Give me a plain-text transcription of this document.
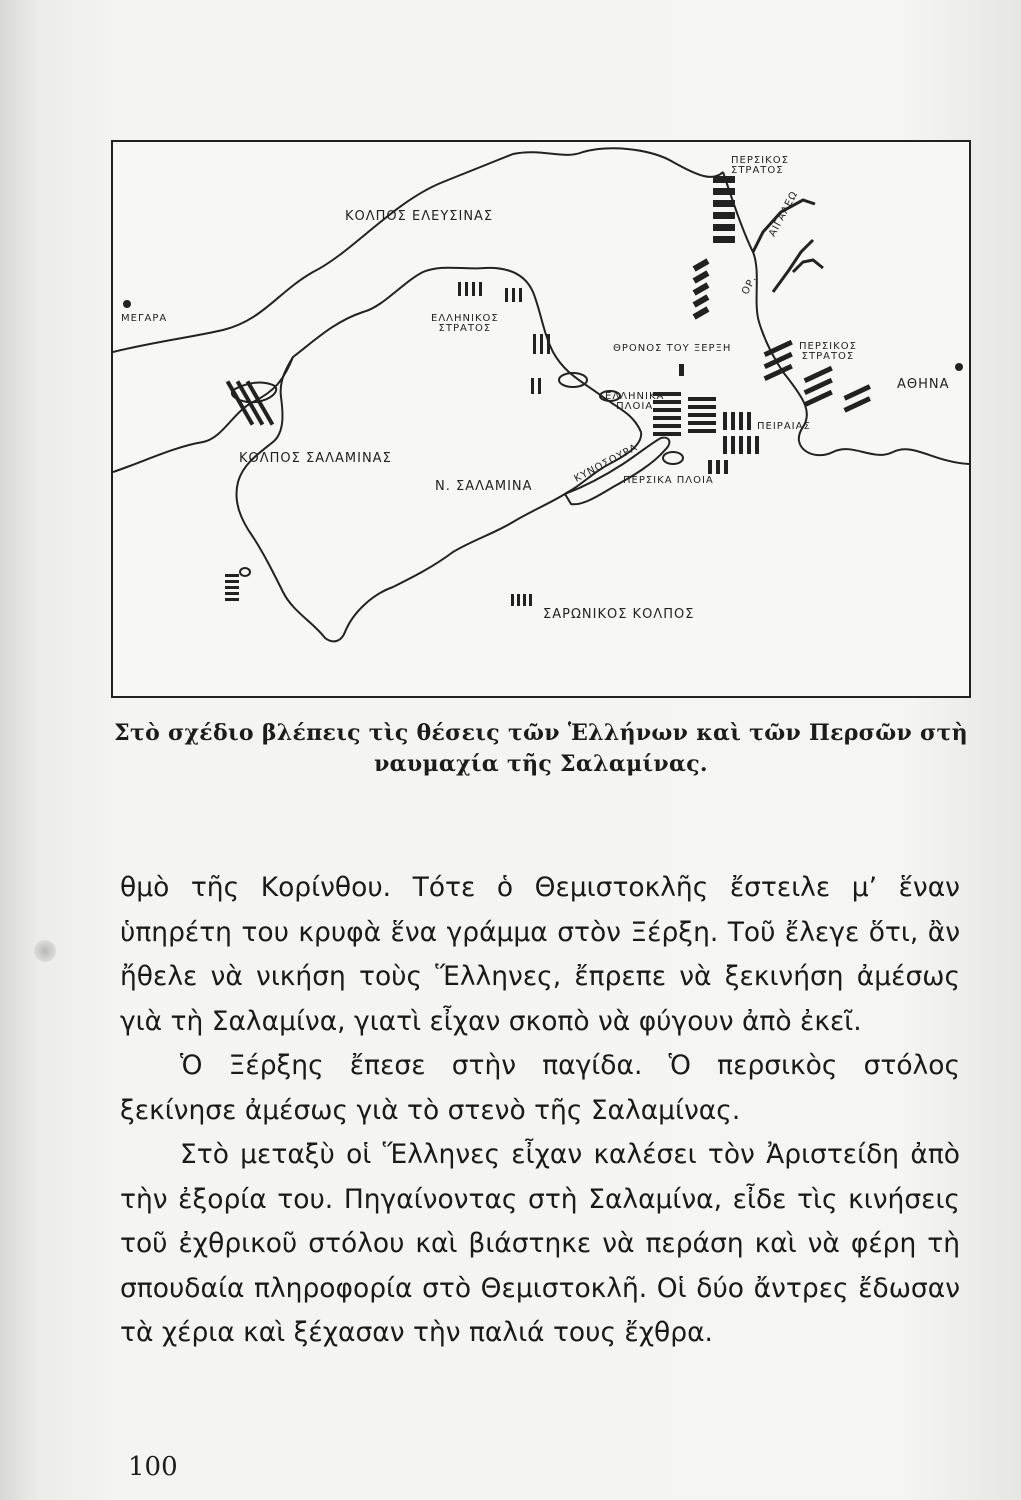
ΠΕΡΣΙΚΟΣ
ΣΤΡΑΤΟΣ
ΚΟΛΠΟΣ ΕΛΕΥΣΙΝΑΣ	ΑΙΓΑΛΕΩ
ΟΡ.
ΜΕΓΑΡΑ	ΕΛΛΗΝΙΚΟΣ
ΣΤΡΑΤΟΣ
ΘΡΟΝΟΣ ΤΟΥ ΞΕΡΞΗ	ΠΕΡΣΙΚΟΣ
ΣΤΡΑΤΟΣ
ΑΘΗΝΑ
ΕΛΛΗΝΙΚΑ
ΠΛΟΙΑ
ΠΕΙΡΑΙΑΣ
ΚΟΛΠΟΣ ΣΑΛΑΜΙΝΑΣ	ΚΥΝΟΣΟΥΡΑ
Ν. ΣΑΛΑΜΙΝΑ	ΠΕΡΣΙΚΑ ΠΛΟΙΑ
ΣΑΡΩΝΙΚΟΣ ΚΟΛΠΟΣ
Στὸ σχέδιο βλέπεις τὶς θέσεις τῶν Ἑλλήνων καὶ τῶν Περσῶν στὴ ναυμαχία τῆς Σαλαμίνας.

θμὸ τῆς Κορίνθου. Τότε ὁ Θεμιστοκλῆς ἔστειλε μ’ ἕναν ὑπηρέτη του κρυφὰ ἕνα γράμμα στὸν Ξέρξη. Τοῦ ἔλεγε ὅτι, ἂν ἤθελε νὰ νικήση τοὺς Ἕλληνες, ἔπρεπε νὰ ξεκινήση ἀμέσως γιὰ τὴ Σαλαμίνα, γιατὶ εἶχαν σκοπὸ νὰ φύγουν ἀπὸ ἐκεῖ.

Ὁ Ξέρξης ἔπεσε στὴν παγίδα. Ὁ περσικὸς στόλος ξεκίνησε ἀμέσως γιὰ τὸ στενὸ τῆς Σαλαμίνας.

Στὸ μεταξὺ οἱ Ἕλληνες εἶχαν καλέσει τὸν Ἀριστείδη ἀπὸ τὴν ἐξορία του. Πηγαίνοντας στὴ Σαλαμίνα, εἶδε τὶς κινήσεις τοῦ ἐχθρικοῦ στόλου καὶ βιάστηκε νὰ περάση καὶ νὰ φέρη τὴ σπουδαία πληροφορία στὸ Θεμιστοκλῆ. Οἱ δύο ἄντρες ἔδωσαν τὰ χέρια καὶ ξέχασαν τὴν παλιά τους ἔχθρα.

100
